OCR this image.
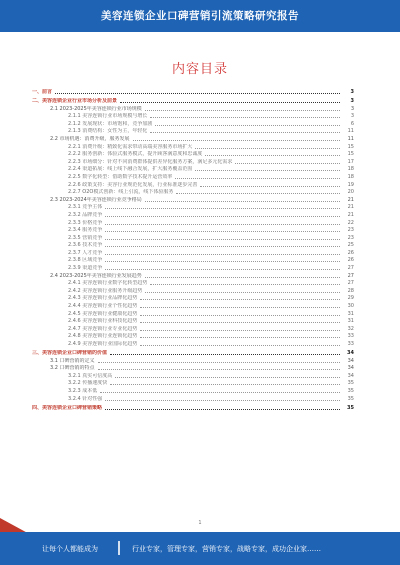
美容连锁企业口碑营销引流策略研究报告
内容目录
一、前言	3
二、美容连锁企业行业市场分析及前景	3
2.1 2023-2025年美容连锁行业市场规模	3
2.1.1 美容连锁行业市场规模与增长	3
2.1.2 发展现状：市场饱和，竞争加剧	6
2.1.3 消费结构：女性为主，年轻化	11
2.2 市场机遇：消费升级，服务发展	11
2.2.1 消费升级：精致化需求带动高端美容服务市场扩大	15
2.2.2 服务创新：体验式服务模式，提升顾客满意度和忠诚度	15
2.2.3 市场细分：针对不同消费群体提供差异化服务方案，满足多元化需求	17
2.2.4 渠道拓展：线上线下融合发展，扩大服务覆盖范围	18
2.2.5 数字化转型：借助数字技术提升运营效率	18
2.2.6 政策支持：美容行业规范化发展，行业标准逐步完善	19
2.2.7 O2O模式创新：线上引流，线下体验服务	20
2.3 2023-2024年美容连锁行业竞争格局	21
2.3.1 竞争主体	21
2.3.2 品牌竞争	21
2.3.3 价格竞争	22
2.3.4 服务竞争	23
2.3.5 营销竞争	23
2.3.6 技术竞争	25
2.3.7 人才竞争	26
2.3.8 区域竞争	26
2.3.9 渠道竞争	27
2.4 2023-2025年美容连锁行业发展趋势	27
2.4.1 美容连锁行业数字化转型趋势	27
2.4.2 美容连锁行业服务升级趋势	28
2.4.3 美容连锁行业品牌化趋势	29
2.4.4 美容连锁行业个性化趋势	30
2.4.5 美容连锁行业健康化趋势	31
2.4.6 美容连锁行业科技化趋势	31
2.4.7 美容连锁行业专业化趋势	32
2.4.8 美容连锁行业连锁化趋势	33
2.4.9 美容连锁行业国际化趋势	33
三、美容连锁企业口碑营销的价值	34
3.1 口碑营销的定义	34
3.2 口碑营销的特点	34
3.2.1 真实可信度高	34
3.2.2 传播速度快	35
3.2.3 成本低	35
3.2.4 针对性强	35
四、美容连锁企业口碑营销策略	35
1
让每个人都能成为	行业专家，管理专家，营销专家，战略专家，成功企业家……
